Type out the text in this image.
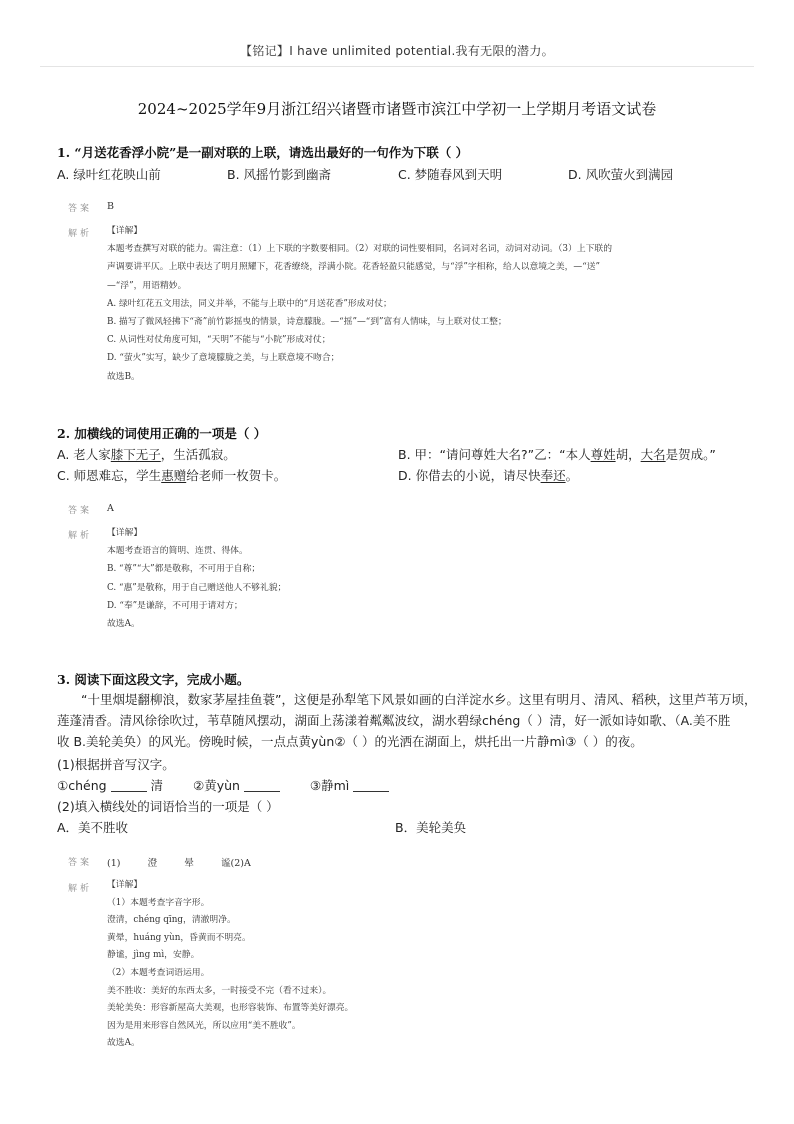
【铭记】I have unlimited potential.我有无限的潜力。
2024~2025学年9月浙江绍兴诸暨市诸暨市滨江中学初一上学期月考语文试卷
1. “月送花香浮小院”是一副对联的上联，请选出最好的一句作为下联（ ）
A. 绿叶红花映山前	B. 风摇竹影到幽斋	C. 梦随春风到天明	D. 风吹萤火到满园
答案 B
解析 【详解】
本题考查撰写对联的能力。需注意：（1）上下联的字数要相同。（2）对联的词性要相同，名词对名词，动词对动词。（3）上下联的
声调要讲平仄。上联中表达了明月照耀下，花香缭绕，浮满小院。花香轻盈只能感觉，与“浮”字相称，给人以意境之美，—“送”
—“浮”，用语精妙。
A. 绿叶红花五文用法，同义并举，不能与上联中的“月送花香”形成对仗；
B. 描写了微风轻拂下“斋”前竹影摇曳的情景，诗意朦胧。—“摇”—“到”富有人情味，与上联对仗工整；
C. 从词性对仗角度可知，“天明”不能与“小院”形成对仗；
D. “萤火”实写，缺少了意境朦胧之美，与上联意境不吻合；
故选B。
2. 加横线的词使用正确的一项是（ ）
A. 老人家膝下无子，生活孤寂。	B. 甲：“请问尊姓大名?”乙：“本人尊姓胡，大名是贺成。”
C. 师恩难忘，学生惠赠给老师一枚贺卡。	D. 你借去的小说，请尽快奉还。
答案 A
解析 【详解】
本题考查语言的简明、连贯、得体。
B. “尊”“大”都是敬称，不可用于自称；
C. “惠”是敬称，用于自己赠送他人不够礼貌；
D. “奉”是谦辞，不可用于请对方；
故选A。
3. 阅读下面这段文字，完成小题。
“十里烟堤翻柳浪，数家茅屋挂鱼蓑”，这便是孙犁笔下风景如画的白洋淀水乡。这里有明月、清风、稻秧，这里芦苇万顷，
莲蓬清香。清风徐徐吹过，苇草随风摆动，湖面上荡漾着粼粼波纹，湖水碧绿chéng（ ）清，好一派如诗如歌、（A.美不胜
收 B.美轮美奂）的风光。傍晚时候，一点点黄yùn②（ ）的光洒在湖面上，烘托出一片静mì③（ ）的夜。
(1)根据拼音写汉字。
①chéng	清 ②黄yùn	③静mì
(2)填入横线处的词语恰当的一项是（ ）
A．美不胜收	B．美轮美奂
答案 (1)         澄         晕         谧(2)A
解析 【详解】
（1）本题考查字音字形。
澄清，chéng qīng，清澈明净。
黄晕，huáng yùn，昏黄而不明亮。
静谧，jìng mì，安静。
（2）本题考查词语运用。
美不胜收：美好的东西太多，一时接受不完（看不过来）。
美轮美奂：形容新屋高大美观，也形容装饰、布置等美好漂亮。
因为是用来形容自然风光，所以应用“美不胜收”。
故选A。
